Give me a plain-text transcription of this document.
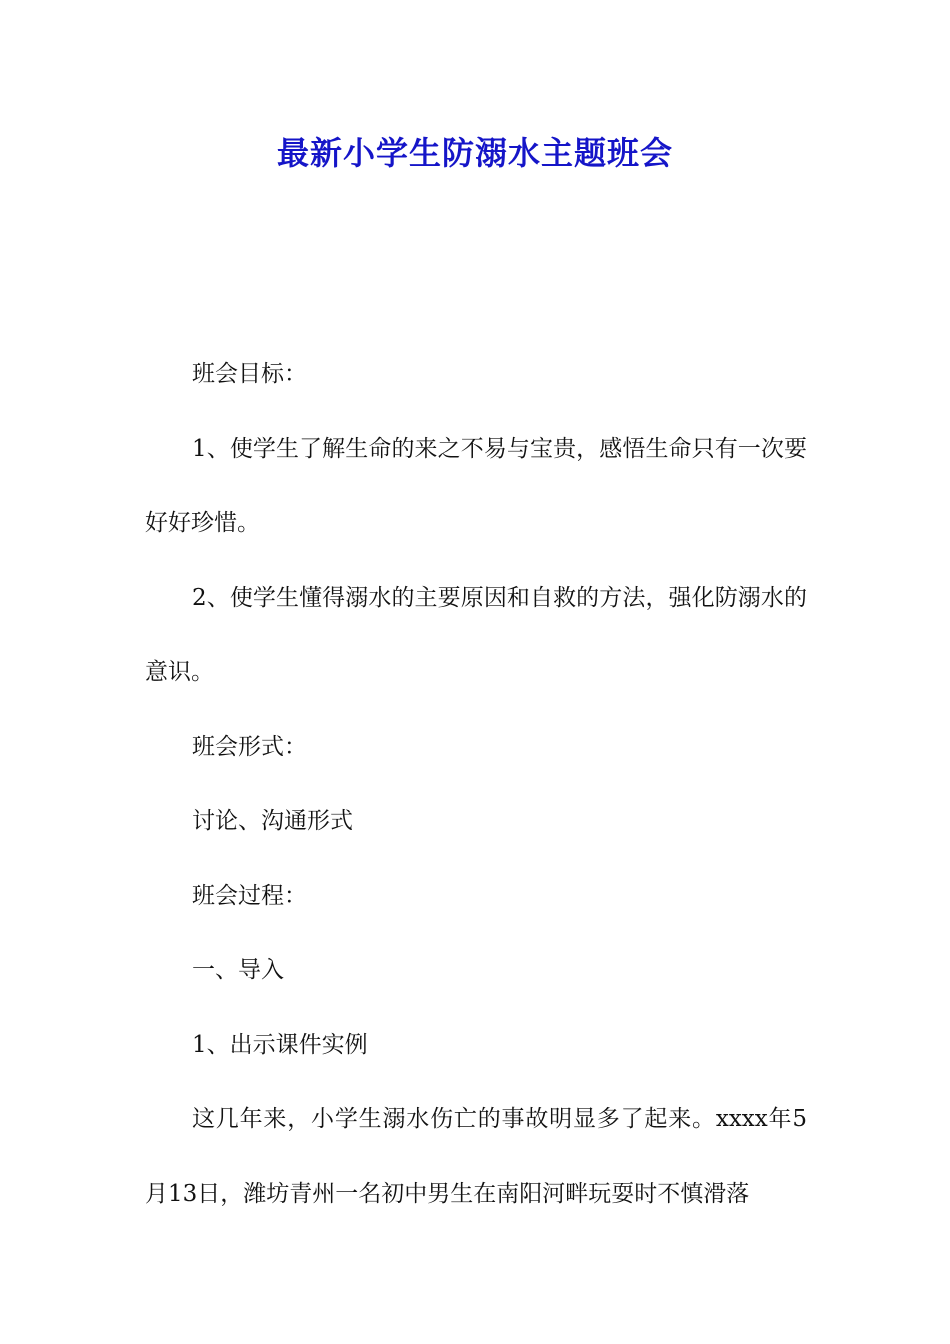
最新小学生防溺水主题班会

班会目标：

1、使学生了解生命的来之不易与宝贵，感悟生命只有一次要好好珍惜。

2、使学生懂得溺水的主要原因和自救的方法，强化防溺水的意识。

班会形式：

讨论、沟通形式

班会过程：

一、导入

1、出示课件实例

这几年来，小学生溺水伤亡的事故明显多了起来。xxxx年5月13日，潍坊青州一名初中男生在南阳河畔玩耍时不慎滑落
